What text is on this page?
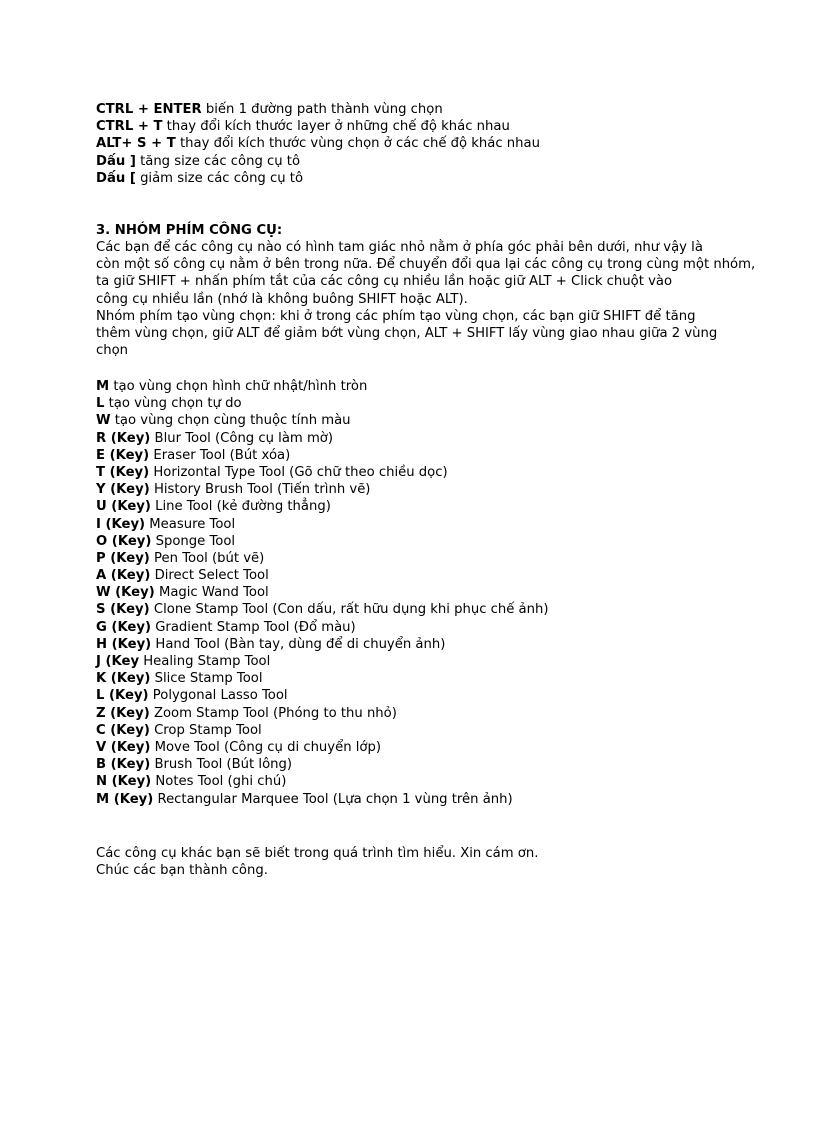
CTRL + ENTER biến 1 đường path thành vùng chọn
CTRL + T thay đổi kích thước layer ở những chế độ khác nhau
ALT+ S + T thay đổi kích thước vùng chọn ở các chế độ khác nhau
Dấu ] tăng size các công cụ tô
Dấu [ giảm size các công cụ tô
3. NHÓM PHÍM CÔNG CỤ:
Các bạn để các công cụ nào có hình tam giác nhỏ nằm ở phía góc phải bên dưới, như vậy là
còn một số công cụ nằm ở bên trong nữa. Để chuyển đổi qua lại các công cụ trong cùng một nhóm,
ta giữ SHIFT + nhấn phím tắt của các công cụ nhiều lần hoặc giữ ALT + Click chuột vào
công cụ nhiều lần (nhớ là không buông SHIFT hoặc ALT).
Nhóm phím tạo vùng chọn: khi ở trong các phím tạo vùng chọn, các bạn giữ SHIFT để tăng
thêm vùng chọn, giữ ALT để giảm bớt vùng chọn, ALT + SHIFT lấy vùng giao nhau giữa 2 vùng
chọn
M tạo vùng chọn hình chữ nhật/hình tròn
L tạo vùng chọn tự do
W tạo vùng chọn cùng thuộc tính màu
R (Key) Blur Tool (Công cụ làm mờ)
E (Key) Eraser Tool (Bút xóa)
T (Key) Horizontal Type Tool (Gõ chữ theo chiều dọc)
Y (Key) History Brush Tool (Tiến trình vẽ)
U (Key) Line Tool (kẻ đường thẳng)
I (Key) Measure Tool
O (Key) Sponge Tool
P (Key) Pen Tool (bút vẽ)
A (Key) Direct Select Tool
W (Key) Magic Wand Tool
S (Key) Clone Stamp Tool (Con dấu, rất hữu dụng khi phục chế ảnh)
G (Key) Gradient Stamp Tool (Đổ màu)
H (Key) Hand Tool (Bàn tay, dùng để di chuyển ảnh)
J (Key Healing Stamp Tool
K (Key) Slice Stamp Tool
L (Key) Polygonal Lasso Tool
Z (Key) Zoom Stamp Tool (Phóng to thu nhỏ)
C (Key) Crop Stamp Tool
V (Key) Move Tool (Công cụ di chuyển lớp)
B (Key) Brush Tool (Bút lông)
N (Key) Notes Tool (ghi chú)
M (Key) Rectangular Marquee Tool (Lựa chọn 1 vùng trên ảnh)
Các công cụ khác bạn sẽ biết trong quá trình tìm hiểu. Xin cám ơn.
Chúc các bạn thành công.
